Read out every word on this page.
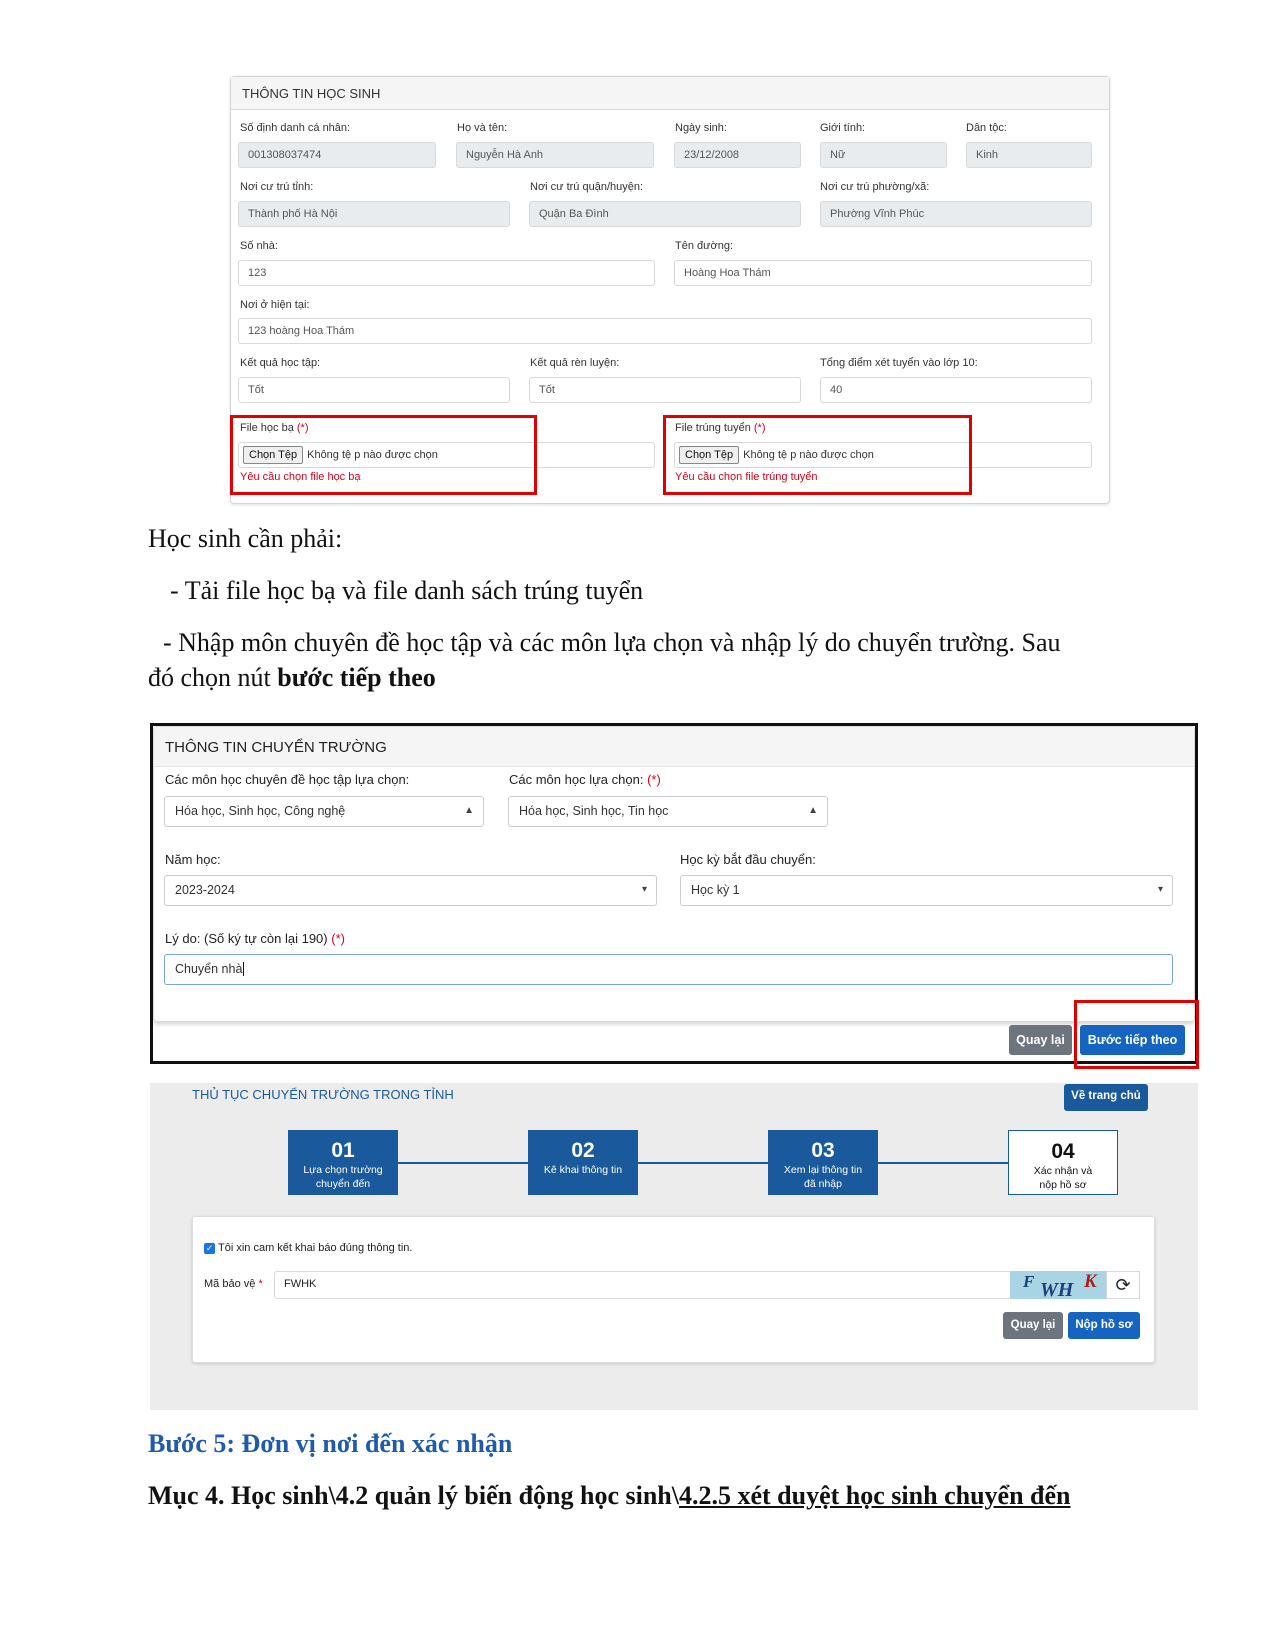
THÔNG TIN HỌC SINH
Số định danh cá nhân:	Họ và tên:	Ngày sinh:	Giới tính:	Dân tộc:
001308037474	Nguyễn Hà Anh	23/12/2008	Nữ	Kinh
Nơi cư trú tỉnh:	Nơi cư trú quận/huyện:	Nơi cư trú phường/xã:
Thành phố Hà Nội	Quận Ba Đình	Phường Vĩnh Phúc
Số nhà:	Tên đường:
123	Hoàng Hoa Thám
Nơi ở hiện tại:
123 hoàng Hoa Thám
Kết quả học tập:	Kết quả rèn luyện:	Tổng điểm xét tuyển vào lớp 10:
Tốt	Tốt	40
File học bạ (*)	File trúng tuyển (*)
Chọn Tệp Không tệ p nào được chọn	Chọn Tệp Không tệ p nào được chọn
Yêu cầu chọn file học bạ	Yêu cầu chọn file trúng tuyển
Học sinh cần phải:
- Tải file học bạ và file danh sách trúng tuyển
- Nhập môn chuyên đề học tập và các môn lựa chọn và nhập lý do chuyển trường. Sau
đó chọn nút bước tiếp theo
THÔNG TIN CHUYỂN TRƯỜNG
Các môn học chuyên đề học tập lựa chọn:	Các môn học lựa chọn: (*)
Hóa học, Sinh học, Công nghệ	▲︎	Hóa học, Sinh học, Tin học	▲︎
Năm học:	Học kỳ bắt đầu chuyển:
2023-2024	▾	Học kỳ 1	▾
Lý do: (Số ký tự còn lại 190) (*)
Chuyển nhà
Quay lại	Bước tiếp theo
THỦ TỤC CHUYỂN TRƯỜNG TRONG TỈNH	Về trang chủ
01
Lựa chọn trường
chuyển đến
02
Kê khai thông tin
03
Xem lại thông tin
đã nhập
04
Xác nhận và
nộp hồ sơ
✓ Tôi xin cam kết khai báo đúng thông tin.
Mã bảo vệ *	FWHK	F WH K	⟳
Quay lại	Nộp hồ sơ
Bước 5: Đơn vị nơi đến xác nhận
Mục 4. Học sinh\4.2 quản lý biến động học sinh\4.2.5 xét duyệt học sinh chuyển đến
